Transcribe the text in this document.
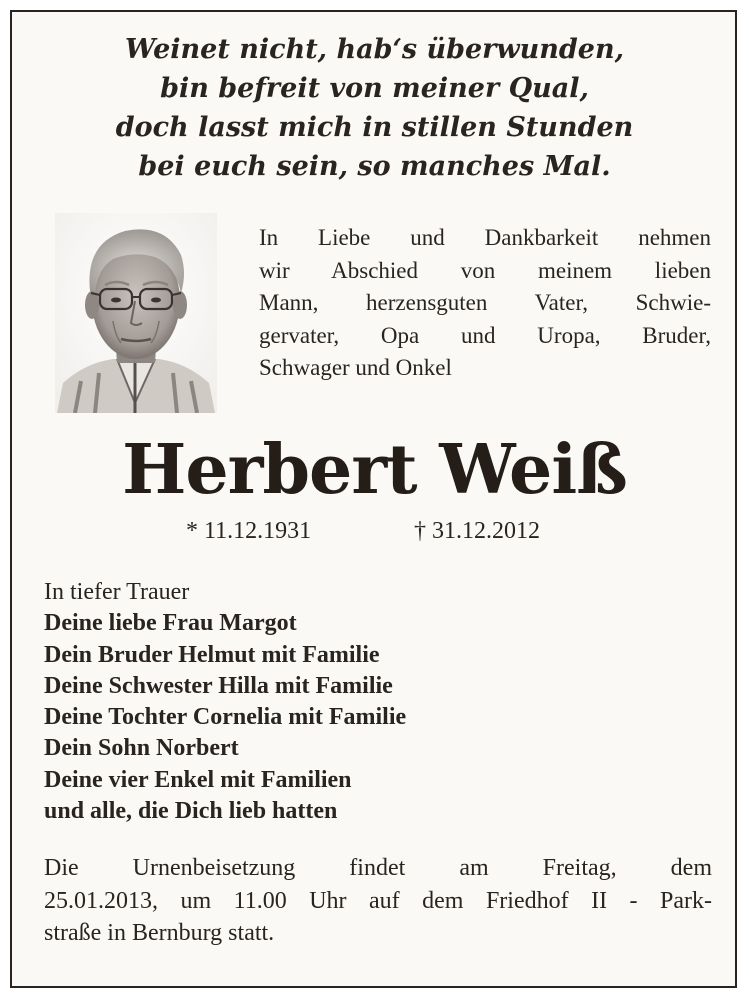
Weinet nicht, hab‘s überwunden,
bin befreit von meiner Qual,
doch lasst mich in stillen Stunden
bei euch sein, so manches Mal.
In Liebe und Dankbarkeit nehmen
wir Abschied von meinem lieben
Mann, herzensguten Vater, Schwie-
gervater, Opa und Uropa, Bruder,
Schwager und Onkel
Herbert Weiß
* 11.12.1931	† 31.12.2012
In tiefer Trauer
Deine liebe Frau Margot
Dein Bruder Helmut mit Familie
Deine Schwester Hilla mit Familie
Deine Tochter Cornelia mit Familie
Dein Sohn Norbert
Deine vier Enkel mit Familien
und alle, die Dich lieb hatten
Die Urnenbeisetzung findet am Freitag, dem
25.01.2013, um 11.00 Uhr auf dem Friedhof II - Park-
straße in Bernburg statt.
